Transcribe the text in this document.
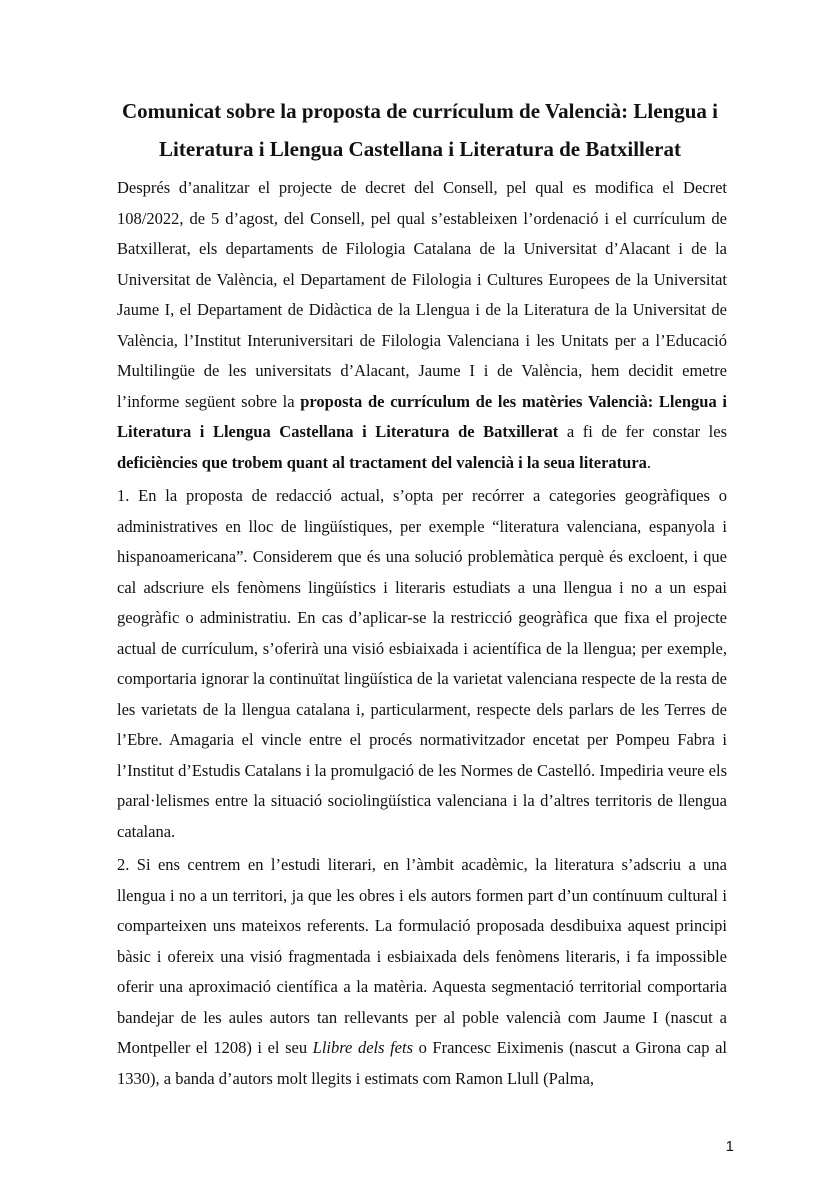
Comunicat sobre la proposta de currículum de Valencià: Llengua i Literatura i Llengua Castellana i Literatura de Batxillerat

Després d’analitzar el projecte de decret del Consell, pel qual es modifica el Decret 108/2022, de 5 d’agost, del Consell, pel qual s’estableixen l’ordenació i el currículum de Batxillerat, els departaments de Filologia Catalana de la Universitat d’Alacant i de la Universitat de València, el Departament de Filologia i Cultures Europees de la Universitat Jaume I, el Departament de Didàctica de la Llengua i de la Literatura de la Universitat de València, l’Institut Interuniversitari de Filologia Valenciana i les Unitats per a l’Educació Multilingüe de les universitats d’Alacant, Jaume I i de València, hem decidit emetre l’informe següent sobre la proposta de currículum de les matèries Valencià: Llengua i Literatura i Llengua Castellana i Literatura de Batxillerat a fi de fer constar les deficiències que trobem quant al tractament del valencià i la seua literatura.

1. En la proposta de redacció actual, s’opta per recórrer a categories geogràfiques o administratives en lloc de lingüístiques, per exemple “literatura valenciana, espanyola i hispanoamericana”. Considerem que és una solució problemàtica perquè és excloent, i que cal adscriure els fenòmens lingüístics i literaris estudiats a una llengua i no a un espai geogràfic o administratiu. En cas d’aplicar-se la restricció geogràfica que fixa el projecte actual de currículum, s’oferirà una visió esbiaixada i acientífica de la llengua; per exemple, comportaria ignorar la continuïtat lingüística de la varietat valenciana respecte de la resta de les varietats de la llengua catalana i, particularment, respecte dels parlars de les Terres de l’Ebre. Amagaria el vincle entre el procés normativitzador encetat per Pompeu Fabra i l’Institut d’Estudis Catalans i la promulgació de les Normes de Castelló. Impediria veure els paral·lelismes entre la situació sociolingüística valenciana i la d’altres territoris de llengua catalana.

2. Si ens centrem en l’estudi literari, en l’àmbit acadèmic, la literatura s’adscriu a una llengua i no a un territori, ja que les obres i els autors formen part d’un contínuum cultural i comparteixen uns mateixos referents. La formulació proposada desdibuixa aquest principi bàsic i ofereix una visió fragmentada i esbiaixada dels fenòmens literaris, i fa impossible oferir una aproximació científica a la matèria. Aquesta segmentació territorial comportaria bandejar de les aules autors tan rellevants per al poble valencià com Jaume I (nascut a Montpeller el 1208) i el seu Llibre dels fets o Francesc Eiximenis (nascut a Girona cap al 1330), a banda d’autors molt llegits i estimats com Ramon Llull (Palma,

1
